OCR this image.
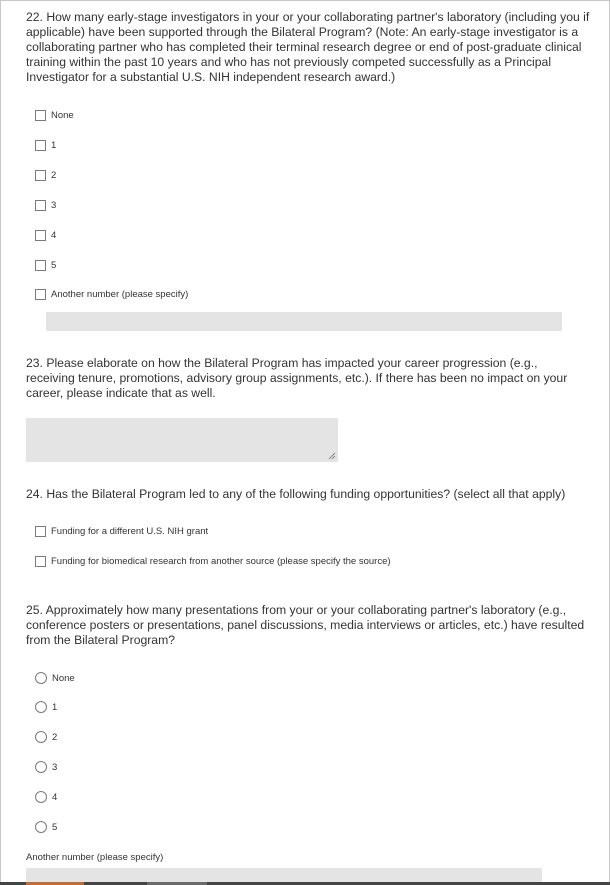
22. How many early-stage investigators in your or your collaborating partner's laboratory (including you if applicable) have been supported through the Bilateral Program? (Note: An early-stage investigator is a collaborating partner who has completed their terminal research degree or end of post-graduate clinical training within the past 10 years and who has not previously competed successfully as a Principal Investigator for a substantial U.S. NIH independent research award.)

None
1
2
3
4
5
Another number (please specify)

23. Please elaborate on how the Bilateral Program has impacted your career progression (e.g., receiving tenure, promotions, advisory group assignments, etc.). If there has been no impact on your career, please indicate that as well.

24. Has the Bilateral Program led to any of the following funding opportunities? (select all that apply)

Funding for a different U.S. NIH grant
Funding for biomedical research from another source (please specify the source)

25. Approximately how many presentations from your or your collaborating partner's laboratory (e.g., conference posters or presentations, panel discussions, media interviews or articles, etc.) have resulted from the Bilateral Program?

None
1
2
3
4
5
Another number (please specify)
